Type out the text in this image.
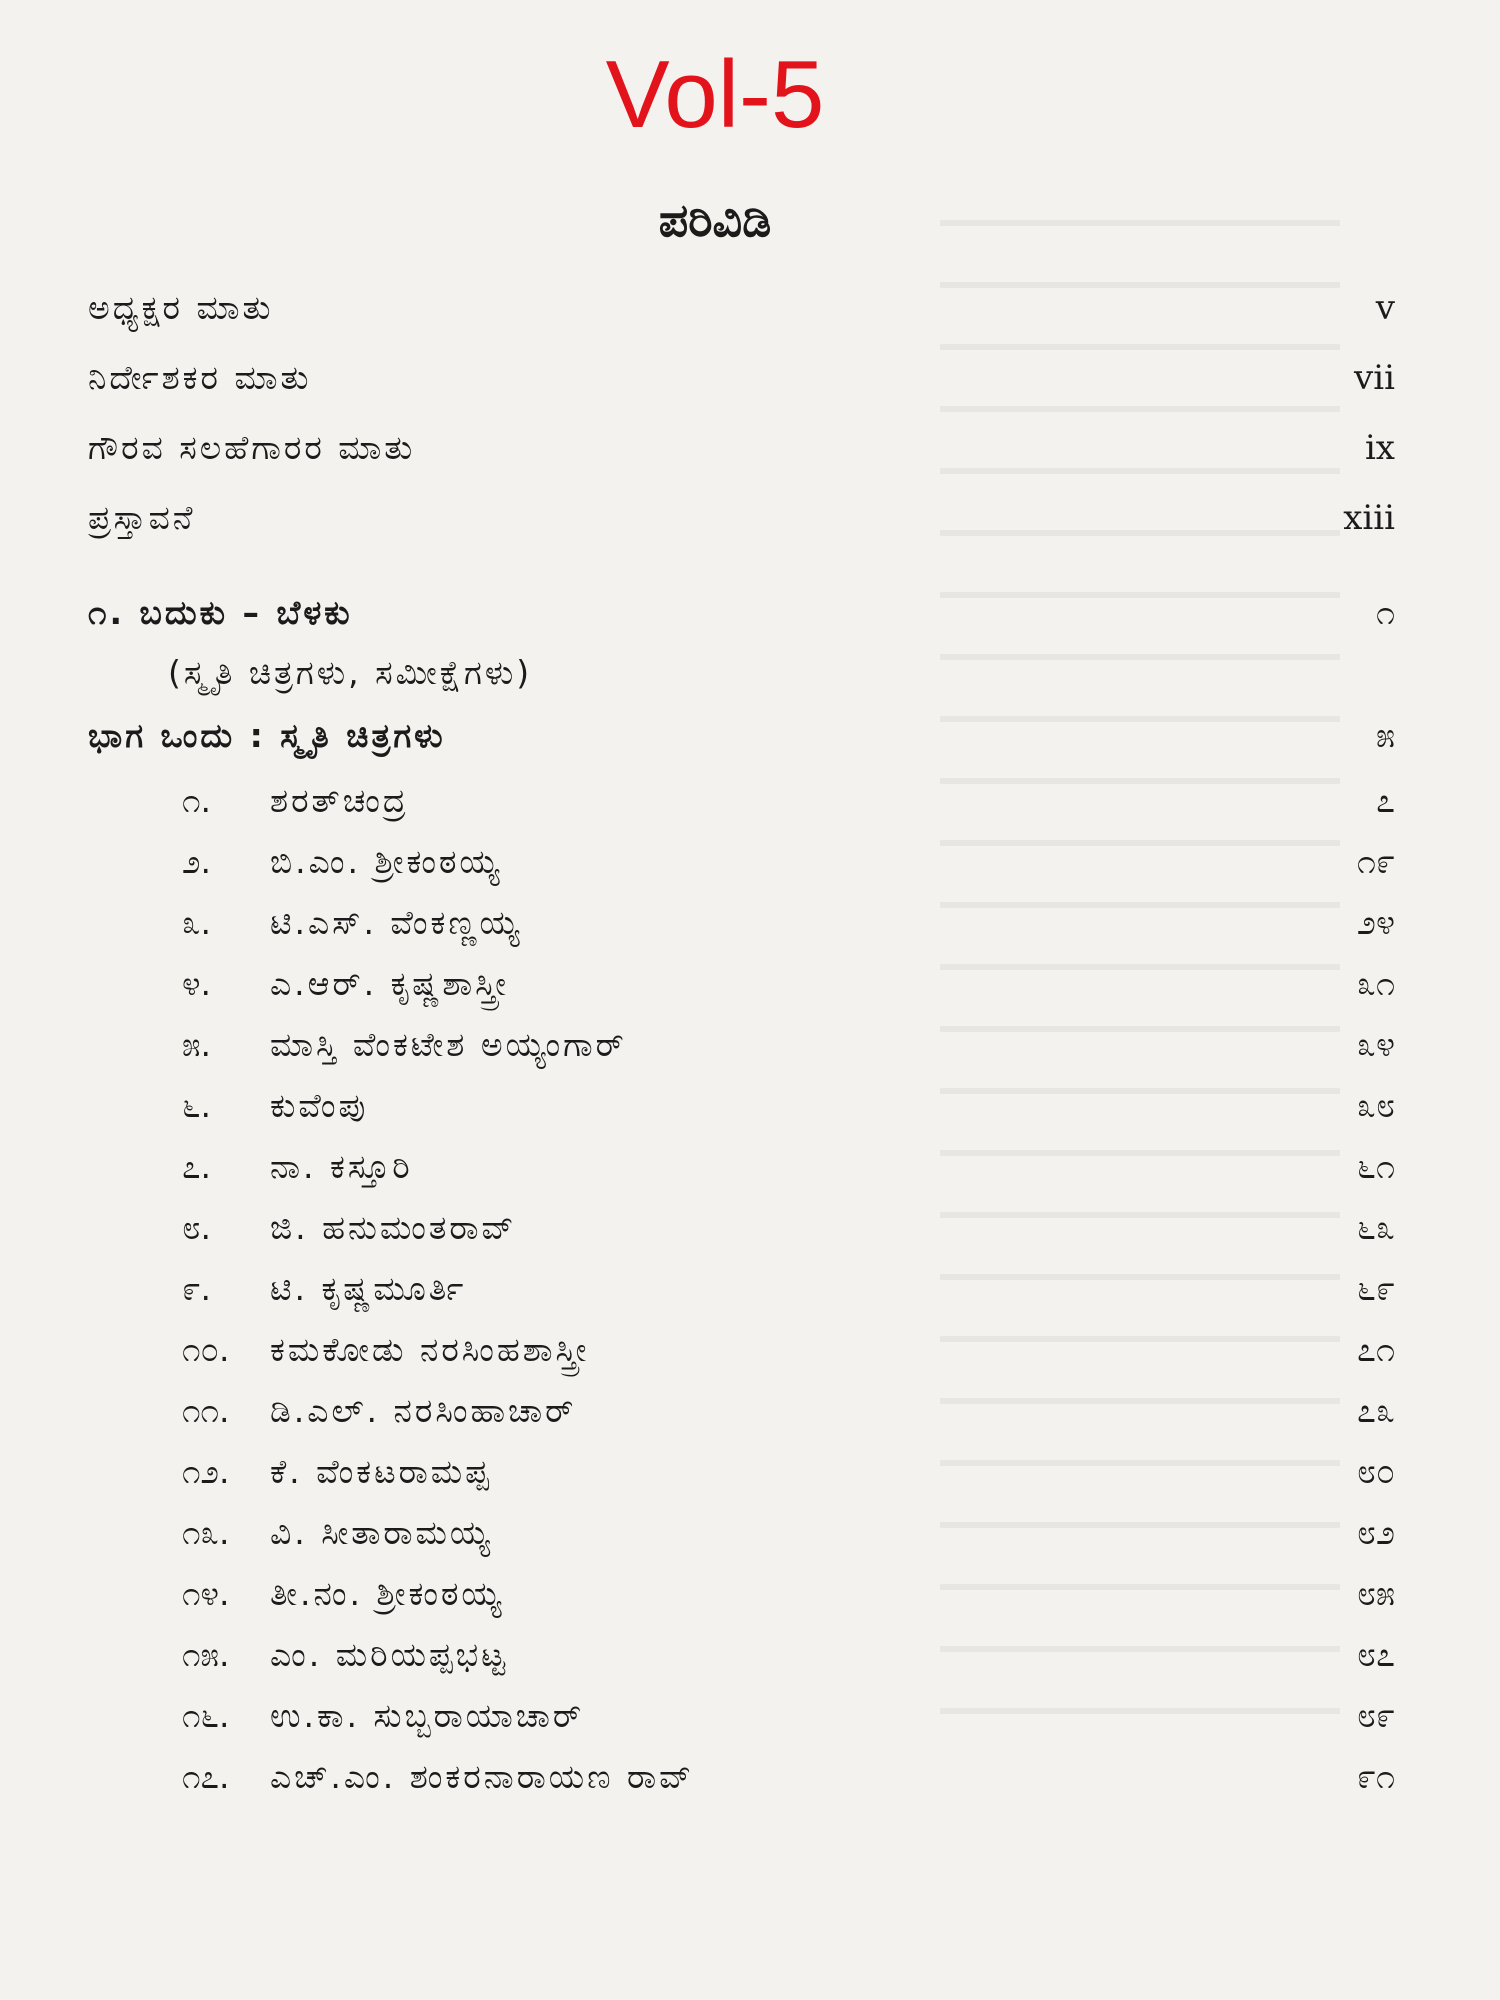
Vol-5
ಪರಿವಿಡಿ
ಅಧ್ಯಕ್ಷರ ಮಾತು	v
ನಿರ್ದೇಶಕರ ಮಾತು	vii
ಗೌರವ ಸಲಹೆಗಾರರ ಮಾತು	ix
ಪ್ರಸ್ತಾವನೆ	xiii
೧. ಬದುಕು – ಬೆಳಕು	೧
(ಸ್ಮೃತಿ ಚಿತ್ರಗಳು, ಸಮೀಕ್ಷೆಗಳು)
ಭಾಗ ಒಂದು : ಸ್ಮೃತಿ ಚಿತ್ರಗಳು	೫
೧. ಶರತ್‌ಚಂದ್ರ	೭
೨. ಬಿ.ಎಂ. ಶ್ರೀಕಂಠಯ್ಯ	೧೯
೩. ಟಿ.ಎಸ್. ವೆಂಕಣ್ಣಯ್ಯ	೨೪
೪. ಎ.ಆರ್. ಕೃಷ್ಣಶಾಸ್ತ್ರೀ	೩೧
೫. ಮಾಸ್ತಿ ವೆಂಕಟೇಶ ಅಯ್ಯಂಗಾರ್	೩೪
೬. ಕುವೆಂಪು	೩೮
೭. ನಾ. ಕಸ್ತೂರಿ	೬೧
೮. ಜಿ. ಹನುಮಂತರಾವ್	೬೩
೯. ಟಿ. ಕೃಷ್ಣಮೂರ್ತಿ	೬೯
೧೦. ಕಮಕೋಡು ನರಸಿಂಹಶಾಸ್ತ್ರೀ	೭೧
೧೧. ಡಿ.ಎಲ್. ನರಸಿಂಹಾಚಾರ್	೭೩
೧೨. ಕೆ. ವೆಂಕಟರಾಮಪ್ಪ	೮೦
೧೩. ವಿ. ಸೀತಾರಾಮಯ್ಯ	೮೨
೧೪. ತೀ.ನಂ. ಶ್ರೀಕಂಠಯ್ಯ	೮೫
೧೫. ಎಂ. ಮರಿಯಪ್ಪಭಟ್ಟ	೮೭
೧೬. ಉ.ಕಾ. ಸುಬ್ಬರಾಯಾಚಾರ್	೮೯
೧೭. ಎಚ್.ಎಂ. ಶಂಕರನಾರಾಯಣ ರಾವ್	೯೧
